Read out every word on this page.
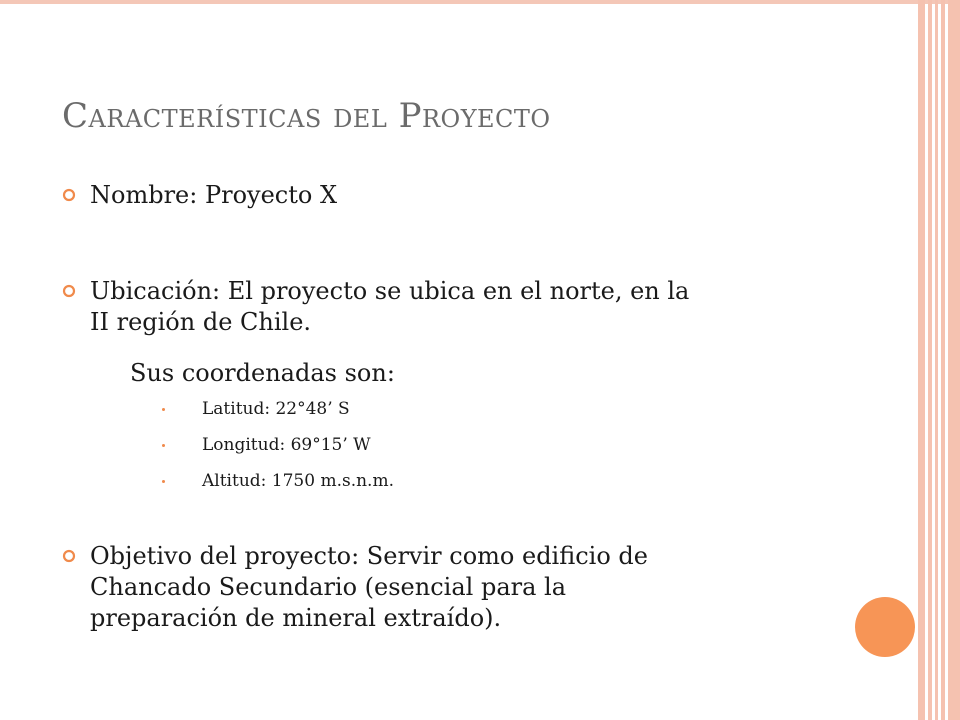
Características del Proyecto
Nombre: Proyecto X
Ubicación: El proyecto se ubica en el norte, en la
II región de Chile.
Sus coordenadas son:
Latitud: 22°48’ S
Longitud: 69°15’ W
Altitud: 1750 m.s.n.m.
Objetivo del proyecto: Servir como edificio de
Chancado Secundario (esencial para la
preparación de mineral extraído).
